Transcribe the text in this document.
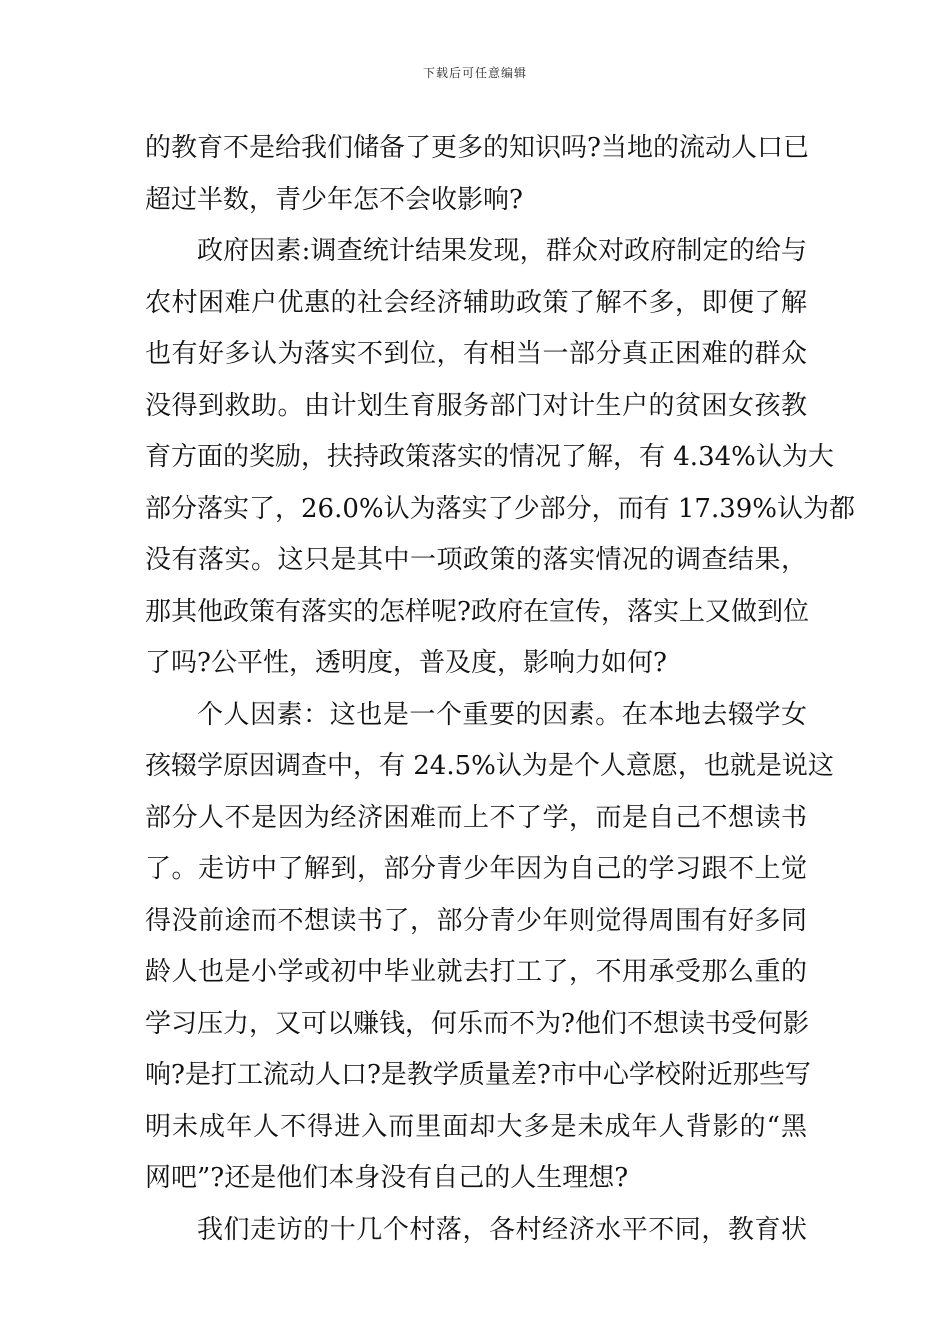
下载后可任意编辑
的教育不是给我们储备了更多的知识吗?当地的流动人口已
超过半数，青少年怎不会收影响?
政府因素:调查统计结果发现，群众对政府制定的给与
农村困难户优惠的社会经济辅助政策了解不多，即便了解
也有好多认为落实不到位，有相当一部分真正困难的群众
没得到救助。由计划生育服务部门对计生户的贫困女孩教
育方面的奖励，扶持政策落实的情况了解，有 4.34%认为大
部分落实了，26.0%认为落实了少部分，而有 17.39%认为都
没有落实。这只是其中一项政策的落实情况的调查结果，
那其他政策有落实的怎样呢?政府在宣传，落实上又做到位
了吗?公平性，透明度，普及度，影响力如何?
个人因素：这也是一个重要的因素。在本地去辍学女
孩辍学原因调查中，有 24.5%认为是个人意愿，也就是说这
部分人不是因为经济困难而上不了学，而是自己不想读书
了。走访中了解到，部分青少年因为自己的学习跟不上觉
得没前途而不想读书了，部分青少年则觉得周围有好多同
龄人也是小学或初中毕业就去打工了，不用承受那么重的
学习压力，又可以赚钱，何乐而不为?他们不想读书受何影
响?是打工流动人口?是教学质量差?市中心学校附近那些写
明未成年人不得进入而里面却大多是未成年人背影的“黑
网吧”?还是他们本身没有自己的人生理想?
我们走访的十几个村落，各村经济水平不同，教育状
